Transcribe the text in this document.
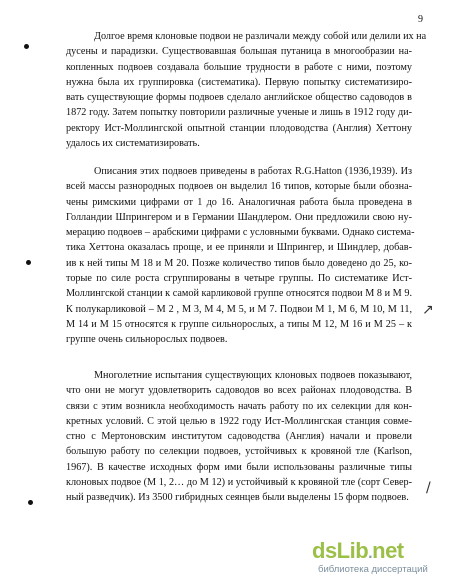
9
Долгое время клоновые подвои не различали между собой или делили их на
дусены и парадизки. Существовавшая большая путаница в многообразии на-
копленных подвоев создавала большие трудности в работе с ними, поэтому
нужна была их группировка (систематика). Первую попытку систематизиро-
вать существующие формы подвоев сделало английское общество садоводов в
1872 году. Затем попытку повторили различные ученые и лишь в 1912 году ди-
ректору Ист-Моллингской опытной станции плодоводства (Англия) Хеттону
удалось их систематизировать.
Описания этих подвоев приведены в работах R.G.Hatton (1936,1939). Из
всей массы разнородных подвоев он выделил 16 типов, которые были обозна-
чены римскими цифрами от 1 до 16. Аналогичная работа была проведена в
Голландии Шпрингером и в Германии Шандлером. Они предложили свою ну-
мерацию подвоев – арабскими цифрами с условными буквами. Однако система-
тика Хеттона оказалась проще, и ее приняли и Шпрингер, и Шиндлер, добав-
ив к ней типы М 18 и М 20. Позже количество типов было доведено до 25, ко-
торые по силе роста сгруппированы в четыре группы. По систематике Ист-
Моллингской станции к самой карликовой группе относятся подвои М 8 и М 9.
К полукарликовой – М 2 , М 3, М 4, М 5, и М 7. Подвои М 1, М 6, М 10, М 11,
М 14 и М 15 относятся к группе сильнорослых, а типы М 12, М 16 и М 25 – к
группе очень сильнорослых подвоев.
Многолетние испытания существующих клоновых подвоев показывают,
что они не могут удовлетворить садоводов во всех районах плодоводства. В
связи с этим возникла необходимость начать работу по их селекции для кон-
кретных условий. С этой целью в 1922 году Ист-Моллингская станция совме-
стно с Мертоновским институтом садоводства (Англия) начали и провели
большую работу по селекции подвоев, устойчивых к кровяной тле (Karlson,
1967). В качестве исходных форм ими были использованы различные типы
клоновых подвое (М 1, 2… до М 12) и устойчивый к кровяной тле (сорт Север-
ный разведчик). Из 3500 гибридных сеянцев были выделены 15 форм подвоев.
↗
/
dsLib.net
библиотека диссертаций
